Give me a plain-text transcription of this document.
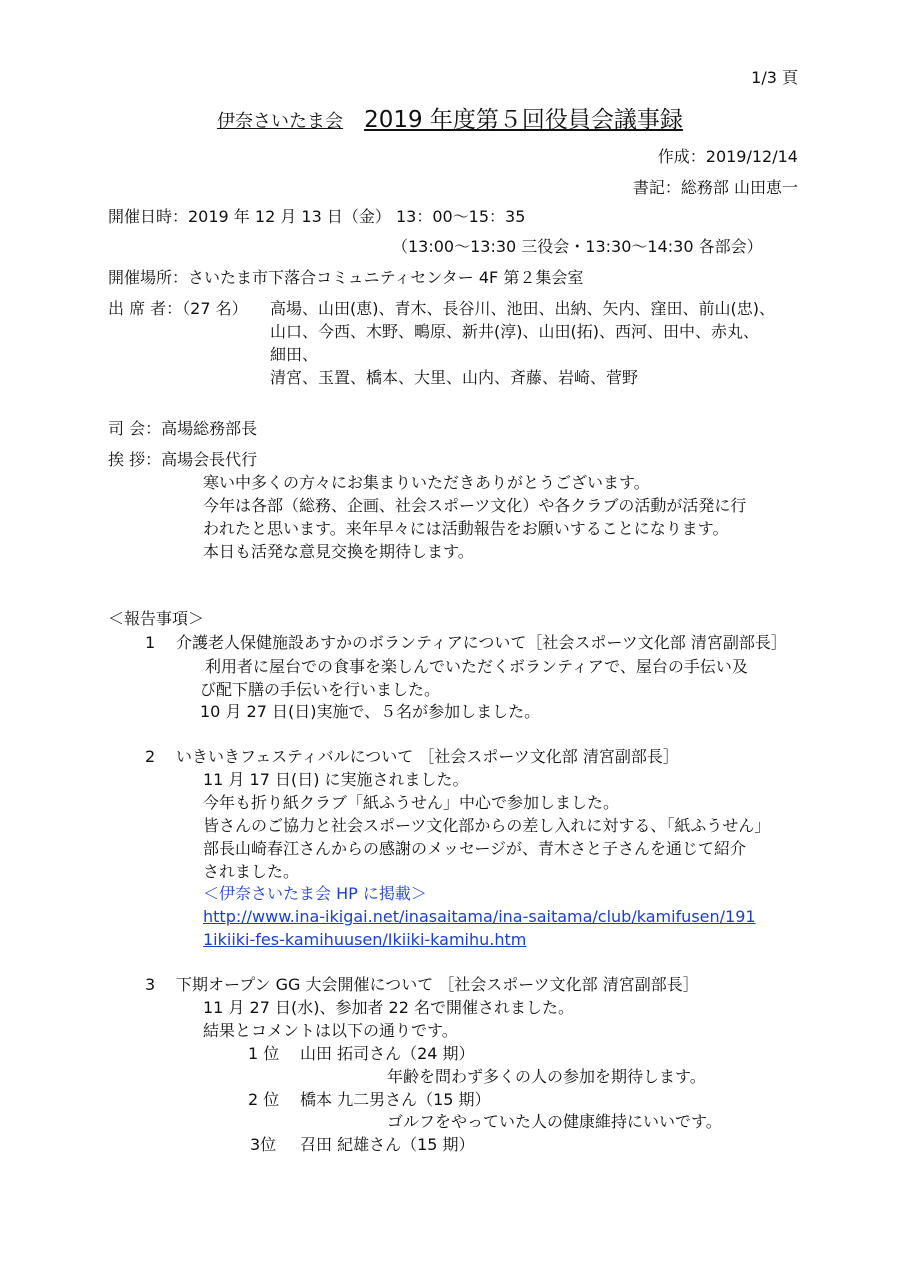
1/3 頁
伊奈さいたま会 2019 年度第５回役員会議事録
作成：2019/12/14
書記：総務部 山田恵一
開催日時：2019 年 12 月 13 日（金） 13：00～15：35
（13:00～13:30 三役会・13:30～14:30 各部会）
開催場所：さいたま市下落合コミュニティセンター 4F 第２集会室
出 席 者：（27 名） 高場、山田(恵)、青木、長谷川、池田、出納、矢内、窪田、前山(忠)、
山口、今西、木野、鴫原、新井(淳)、山田(拓)、西河、田中、赤丸、
細田、
清宮、玉置、橋本、大里、山内、斉藤、岩崎、菅野
司 会：高場総務部長
挨 拶：高場会長代行
寒い中多くの方々にお集まりいただきありがとうございます。
今年は各部（総務、企画、社会スポーツ文化）や各クラブの活動が活発に行
われたと思います。来年早々には活動報告をお願いすることになります。
本日も活発な意見交換を期待します。
＜報告事項＞
1 介護老人保健施設あすかのボランティアについて［社会スポーツ文化部 清宮副部長］
利用者に屋台での食事を楽しんでいただくボランティアで、屋台の手伝い及
び配下膳の手伝いを行いました。
10 月 27 日(日)実施で、５名が参加しました。
2 いきいきフェスティバルについて ［社会スポーツ文化部 清宮副部長］
11 月 17 日(日) に実施されました。
今年も折り紙クラブ「紙ふうせん」中心で参加しました。
皆さんのご協力と社会スポーツ文化部からの差し入れに対する、「紙ふうせん」
部長山崎春江さんからの感謝のメッセージが、青木さと子さんを通じて紹介
されました。
＜伊奈さいたま会 HP に掲載＞
http://www.ina-ikigai.net/inasaitama/ina-saitama/club/kamifusen/191
1ikiiki-fes-kamihuusen/Ikiiki-kamihu.htm
3 下期オープン GG 大会開催について ［社会スポーツ文化部 清宮副部長］
11 月 27 日(水)、参加者 22 名で開催されました。
結果とコメントは以下の通りです。
1 位 山田 拓司さん（24 期）
年齢を問わず多くの人の参加を期待します。
2 位 橋本 九二男さん（15 期）
ゴルフをやっていた人の健康維持にいいです。
3位 召田 紀雄さん（15 期）
